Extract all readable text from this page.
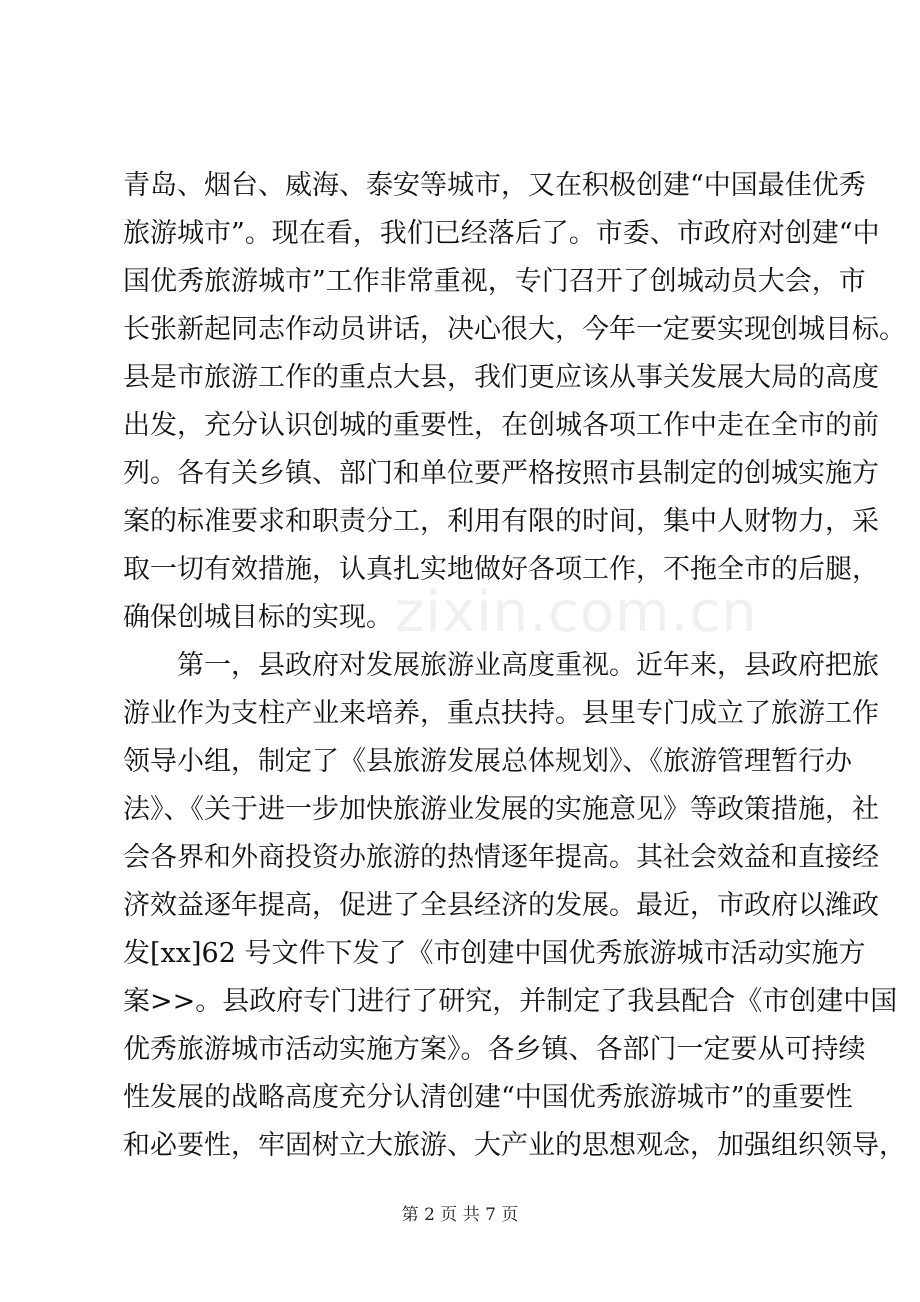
zixin.com.cn
青岛、烟台、威海、泰安等城市，又在积极创建“中国最佳优秀
旅游城市”。现在看，我们已经落后了。市委、市政府对创建“中
国优秀旅游城市”工作非常重视，专门召开了创城动员大会，市
长张新起同志作动员讲话，决心很大，今年一定要实现创城目标。
县是市旅游工作的重点大县，我们更应该从事关发展大局的高度
出发，充分认识创城的重要性，在创城各项工作中走在全市的前
列。各有关乡镇、部门和单位要严格按照市县制定的创城实施方
案的标准要求和职责分工，利用有限的时间，集中人财物力，采
取一切有效措施，认真扎实地做好各项工作，不拖全市的后腿，
确保创城目标的实现。
　　第一，县政府对发展旅游业高度重视。近年来，县政府把旅
游业作为支柱产业来培养，重点扶持。县里专门成立了旅游工作
领导小组，制定了《县旅游发展总体规划》、《旅游管理暂行办
法》、《关于进一步加快旅游业发展的实施意见》等政策措施，社
会各界和外商投资办旅游的热情逐年提高。其社会效益和直接经
济效益逐年提高，促进了全县经济的发展。最近，市政府以潍政
发[xx]62 号文件下发了《市创建中国优秀旅游城市活动实施方
案>>。县政府专门进行了研究，并制定了我县配合《市创建中国
优秀旅游城市活动实施方案》。各乡镇、各部门一定要从可持续
性发展的战略高度充分认清创建“中国优秀旅游城市”的重要性
和必要性，牢固树立大旅游、大产业的思想观念，加强组织领导，
第 2 页 共 7 页
